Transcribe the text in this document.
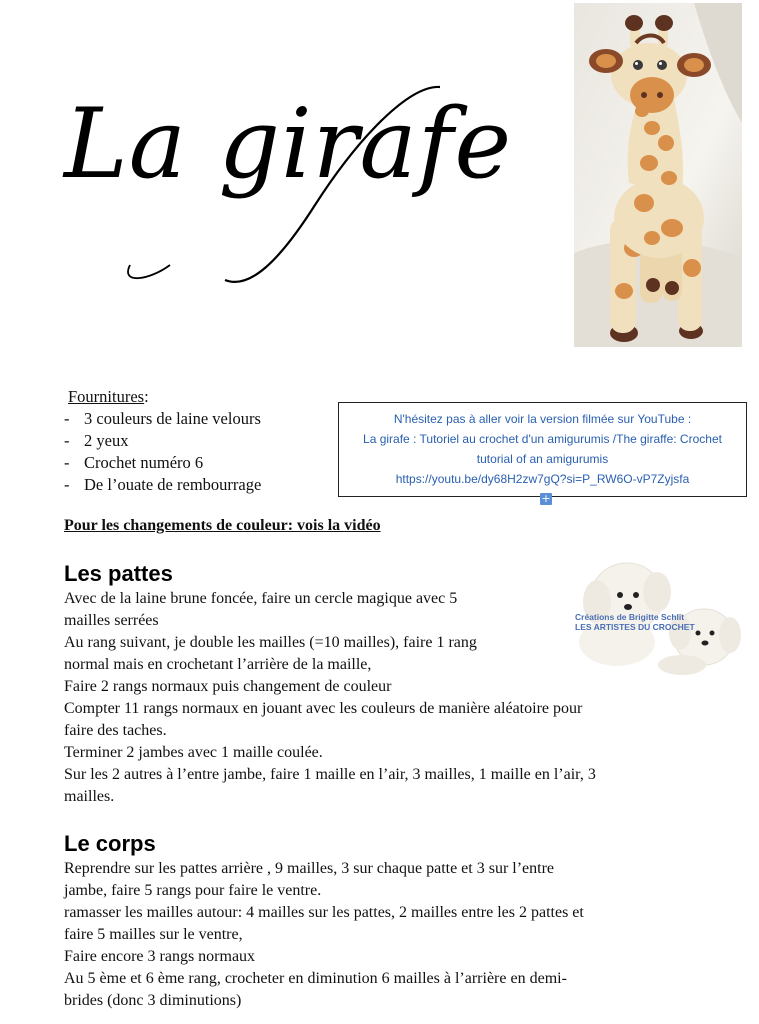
La girafe
Fournitures:
- 3 couleurs de laine velours
- 2 yeux
- Crochet numéro 6
- De l’ouate de rembourrage
N'hésitez pas à aller voir la version filmée sur YouTube :
La girafe : Tutoriel au crochet d'un amigurumis /The giraffe: Crochet tutorial of an amigurumis
https://youtu.be/dy68H2zw7gQ?si=P_RW6O-vP7Zyjsfa
+
Pour les changements de couleur: vois la vidéo
Les pattes

Avec de la laine brune foncée, faire un cercle magique avec 5

mailles serrées

Au rang suivant, je double les mailles (=10 mailles), faire 1 rang

normal mais en crochetant l’arrière de la maille,

Faire 2 rangs normaux puis changement de couleur

Compter 11 rangs normaux en jouant avec les couleurs de manière aléatoire pour

faire des taches.

Terminer 2 jambes avec 1 maille coulée.

Sur les 2 autres à l’entre jambe, faire 1 maille en l’air, 3 mailles, 1 maille en l’air, 3

mailles.

Créations de Brigitte Schlit
LES ARTISTES DU CROCHET
Le corps

Reprendre sur les pattes arrière , 9 mailles, 3 sur chaque patte et 3 sur l’entre

jambe, faire 5 rangs pour faire le ventre.

ramasser les mailles autour: 4 mailles sur les pattes, 2 mailles entre les 2 pattes et

faire 5 mailles sur le ventre,

Faire encore 3 rangs normaux

Au 5 ème et 6 ème rang, crocheter en diminution 6 mailles à l’arrière en demi-

brides (donc 3 diminutions)
